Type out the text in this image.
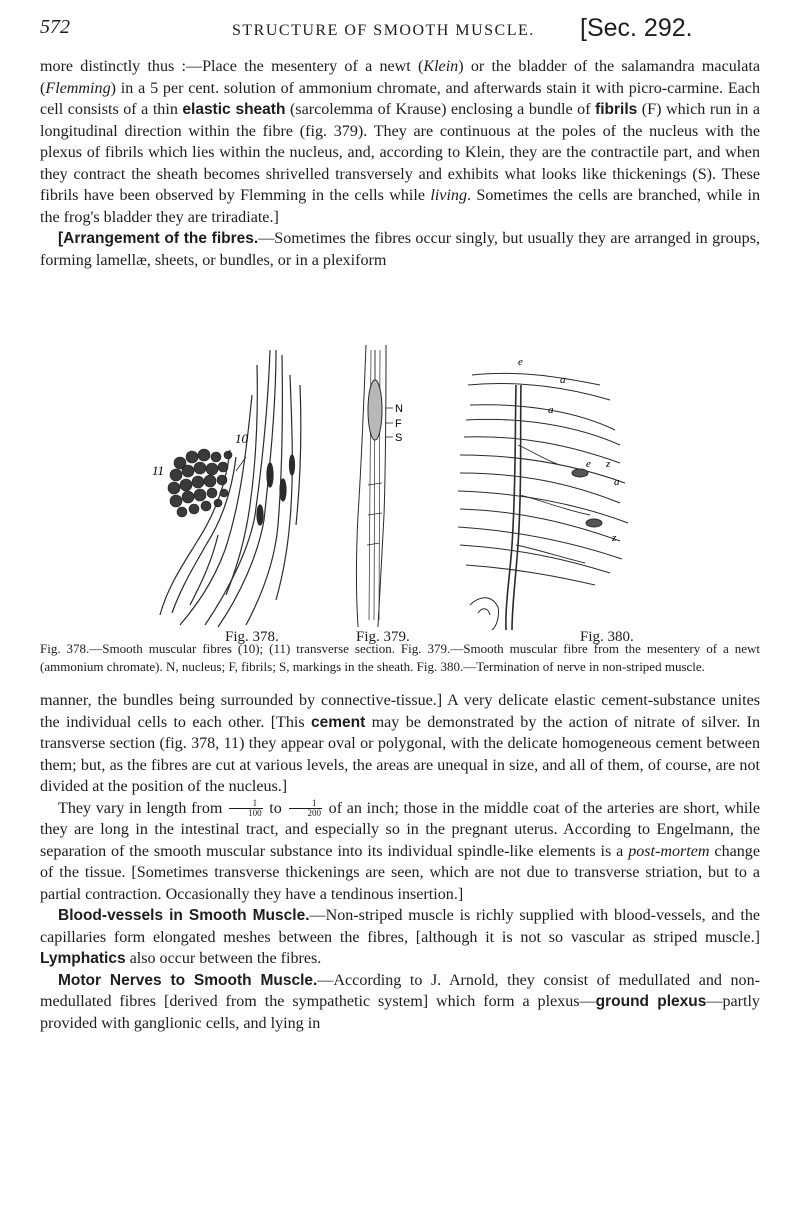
572	STRUCTURE OF SMOOTH MUSCLE. [Sec. 292.

more distinctly thus :—Place the mesentery of a newt (Klein) or the bladder of the salamandra maculata (Flemming) in a 5 per cent. solution of ammonium chromate, and afterwards stain it with picro-carmine. Each cell consists of a thin elastic sheath (sarcolemma of Krause) enclosing a bundle of fibrils (F) which run in a longitudinal direction within the fibre (fig. 379). They are continuous at the poles of the nucleus with the plexus of fibrils which lies within the nucleus, and, according to Klein, they are the contractile part, and when they contract the sheath becomes shrivelled transversely and exhibits what looks like thickenings (S). These fibrils have been observed by Flemming in the cells while living. Sometimes the cells are branched, while in the frog's bladder they are triradiate.]

[Arrangement of the fibres.—Sometimes the fibres occur singly, but usually they are arranged in groups, forming lamellæ, sheets, or bundles, or in a plexiform

10
11
N
F
S
e
a
a
e z
a
z
Fig. 378.	Fig. 379.	Fig. 380.

Fig. 378.—Smooth muscular fibres (10); (11) transverse section. Fig. 379.—Smooth muscular fibre from the mesentery of a newt (ammonium chromate). N, nucleus; F, fibrils; S, markings in the sheath. Fig. 380.—Termination of nerve in non-striped muscle.

manner, the bundles being surrounded by connective-tissue.] A very delicate elastic cement-substance unites the individual cells to each other. [This cement may be demonstrated by the action of nitrate of silver. In transverse section (fig. 378, 11) they appear oval or polygonal, with the delicate homogeneous cement between them; but, as the fibres are cut at various levels, the areas are unequal in size, and all of them, of course, are not divided at the position of the nucleus.]

They vary in length from $\frac{1}{100}$ to $\frac{1}{200}$ of an inch; those in the middle coat of the arteries are short, while they are long in the intestinal tract, and especially so in the pregnant uterus. According to Engelmann, the separation of the smooth muscular substance into its individual spindle-like elements is a post-mortem change of the tissue. [Sometimes transverse thickenings are seen, which are not due to transverse striation, but to a partial contraction. Occasionally they have a tendinous insertion.]

Blood-vessels in Smooth Muscle.—Non-striped muscle is richly supplied with blood-vessels, and the capillaries form elongated meshes between the fibres, [although it is not so vascular as striped muscle.] Lymphatics also occur between the fibres.

Motor Nerves to Smooth Muscle.—According to J. Arnold, they consist of medullated and non-medullated fibres [derived from the sympathetic system] which form a plexus—ground plexus—partly provided with ganglionic cells, and lying in
